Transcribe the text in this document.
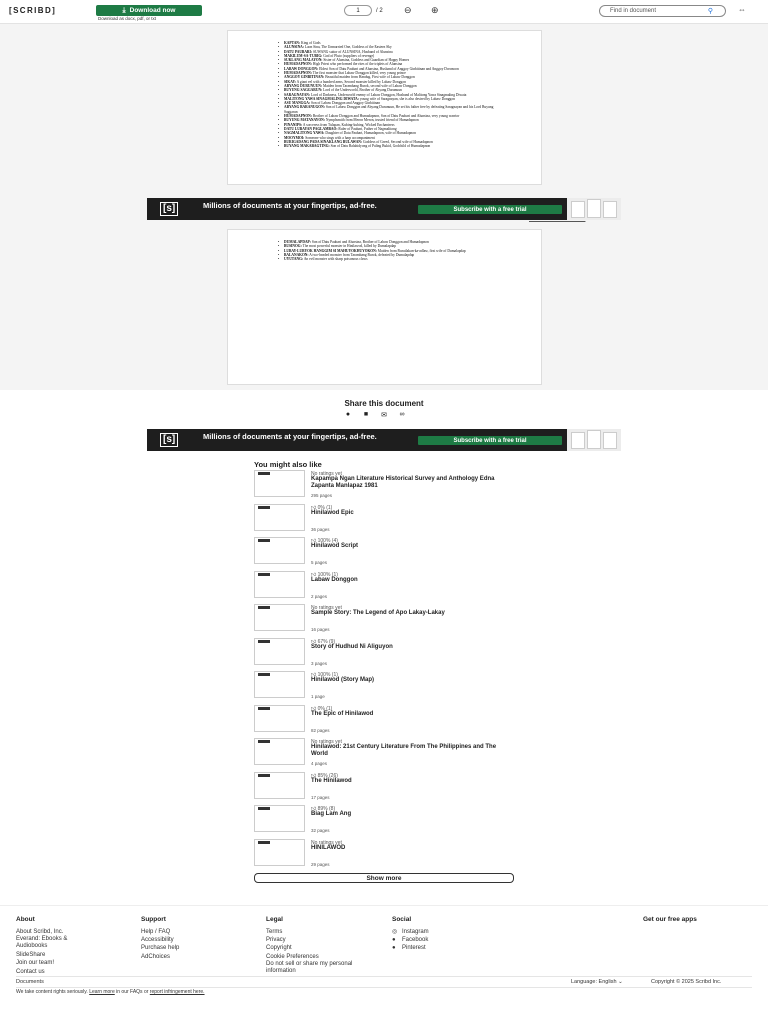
[SCRIBD]	⤓ Download now
Download as docx, pdf, or txt
1	/ 2 ⊖ ⊕	Find in document	⚲	⇔
• KAPTAN: King of Gods
• ALUNSINA: Laon Sina, The Unmarried One, Goddess of the Eastern Sky
• DATU PAUBARI: SUWANG suitor of ALUNSINA, Husband of Alunsina
• MAKILUM-SA-TUBIG: God of Pluto (suppliers of revenge)
• SUKLANG MALAYON: Sister of Alunsina, Goddess and Guardian of Happy Homes
• HUMADAPNON: High Priest who performed the rites of the triplets of Alunsina
• LABAW DONGGON: Eldest Son of Datu Paubari and Alunsina, Husband of Anggoy Ginbitinan and Anggoy Doronoon
• HUMADAPNON: The first monster that Labaw Donggon killed, very young prince
• ANGGOY GINBITINAN: Beautiful maiden from Handug, First wife of Labaw Donggon
• SIKAY: A giant eel with a hundred arms, Second monster killed by Labaw Donggon
• ABYANG DURUNUUN: Maiden from Tarambang Burok, second wife of Labaw Donggon
• BUYUNG SAGGARUN: Lord of the Underworld, Brother of Abyang Durunuun
• SARAGNAYAN: Lord of Darkness, Underworld enemy of Labaw Donggon, Husband of Malitong Yawa Sinagmaling Diwata
• MALITONG YAWA SINAGMALING DIWATA: young wife of Saragnayan, she is also desired by Labaw Donggon
• ASU MANGGA: Son of Labaw Donggon and Anggoy Ginbitinan
• ABYANG BARANUGON: Son of Labaw Donggon and Abyang Durunuun, He set his father free by defeating Saragnayan and his Lord Buyung Saggarun
• HUMADAPNON: Brother of Labaw Donggon and Humadapnon, Son of Datu Paubari and Alunsina, very young warrior
• BUYUNG MATANAYON: Nymphsmith from Meron Meron, trusted friend of Humadapnon
• PINANIPS: A sorceress from Tulapan, Kubing-kubing, Wicked Enchantress
• DATU LUBAYAN PAGLAMBAO: Ruler of Paubari, Father of Nagmalitong
• NAGMALITONG YAWA: Daughter of Datu Paubari, Humadapnon, wife of Humadapnon
• MOOYMOI: Someone who sings with a harp accompaniment
• BURIGADANG PADA SINAKLANG BULAWAN: Goddess of Greed, Second wife of Humadapnon
• BUYANG MAKABAGTING: Son of Datu Balahidyong of Paling Bukid, Godchild of Humadapnon
[s]	Millions of documents at your fingertips, ad-free.	Subscribe with a free trial
• DUMALAPDAP: Son of Datu Paubari and Alunsina, Brother of Labaw Donggon and Humadapnon
• BUSINOG: The most powerful monster in Hinilawod, killed by Dumalapdap
• LUBAY-LUBYOK HANGGIM SI MAHUYOKHUYOKON: Maiden from Burutlakan-ka-adlaw, first wife of Dumalapdap
• BALANAKON: A two-headed monster from Tarambang Burok, defeated by Dumalapdap
• UYUTANG: An evil monster with sharp poisonous claws
Share this document
●	■	✉	∞
[s]	Millions of documents at your fingertips, ad-free.	Subscribe with a free trial
You might also like
No ratings yet
Kapampa Ngan Literature Historical Survey and Anthology Edna Zapanta Manlapaz 1981
295 pages
👍︎ 0% (1)
Hinilawod Epic
36 pages
👍︎ 100% (4)
Hinilawod Script
5 pages
👍︎ 100% (1)
Labaw Donggon
2 pages
No ratings yet
Sample Story: The Legend of Apo Lakay-Lakay
16 pages
👍︎ 67% (9)
Story of Hudhud Ni Aliguyon
3 pages
👍︎ 100% (1)
Hinilawod (Story Map)
1 page
👍︎ 0% (1)
The Epic of Hinilawod
82 pages
No ratings yet
Hinilawod: 21st Century Literature From The Philippines and The World
4 pages
👍︎ 85% (26)
The Hinilawod
17 pages
👍︎ 89% (8)
Biag Lam Ang
32 pages
No ratings yet
HINILAWOD
29 pages
Show more
About
About Scribd, Inc.
Everand: Ebooks & Audiobooks
SlideShare
Join our team!
Contact us
Support
Help / FAQ
Accessibility
Purchase help
AdChoices
Legal
Terms
Privacy
Copyright
Cookie Preferences
Do not sell or share my personal information
Social
◎ Instagram
● Facebook
● Pinterest
Get our free apps
Documents	Language: English ⌄	Copyright © 2025 Scribd Inc.
We take content rights seriously. Learn more in our FAQs or report infringement here.
